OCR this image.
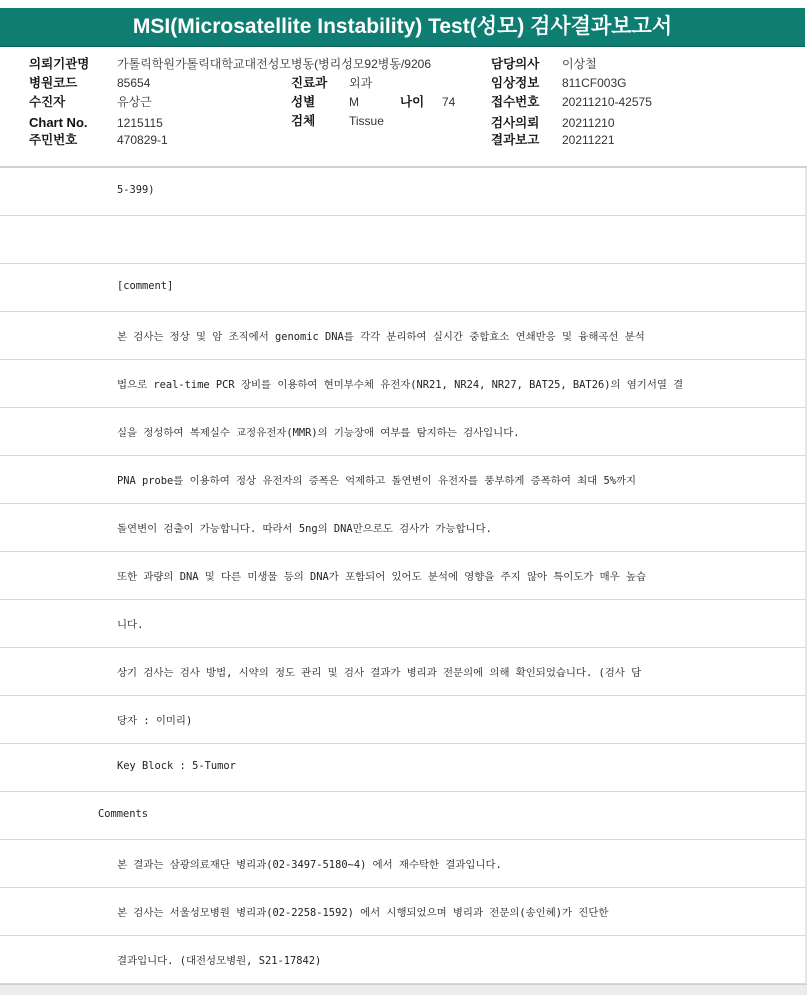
MSI(Microsatellite Instability) Test(성모) 검사결과보고서
의뢰기관명 가톨릭학원가톨릭대학교대전성모병동(병리성모92병동/9206
병원코드	85654
수진자	유상근
Chart No. 1215115
주민번호	470829-1
진료과 외과
성별	M	나이 74
검체	Tissue
담당의사 이상철
임상정보 811CF003G
접수번호 20211210-42575
검사의뢰 20211210
결과보고 20211221
5-399)
[comment]
본 검사는 정상 및 암 조직에서 genomic DNA를 각각 분리하여 실시간 중합효소 연쇄반응 및 융해곡선 분석
법으로 real-time PCR 장비를 이용하여 현미부수체 유전자(NR21, NR24, NR27, BAT25, BAT26)의 염기서열 결
실을 정성하여 복제실수 교정유전자(MMR)의 기능장애 여부를 탐지하는 검사입니다.
PNA probe를 이용하여 정상 유전자의 증폭은 억제하고 돌연변이 유전자를 풍부하게 증폭하여 최대 5%까지
돌연변이 검출이 가능합니다. 따라서 5ng의 DNA만으로도 검사가 가능합니다.
또한 과량의 DNA 및 다른 미생물 등의 DNA가 포함되어 있어도 분석에 영향을 주지 않아 특이도가 매우 높습
니다.
상기 검사는 검사 방법, 시약의 정도 관리 및 검사 결과가 병리과 전문의에 의해 확인되었습니다. (검사 담
당자 : 이미리)
Key Block : 5-Tumor
Comments
본 결과는 삼광의료재단 병리과(02-3497-5180~4) 에서 재수탁한 결과입니다.
본 검사는 서울성모병원 병리과(02-2258-1592) 에서 시행되었으며 병리과 전문의(송인혜)가 진단한
결과입니다. (대전성모병원, S21-17842)
